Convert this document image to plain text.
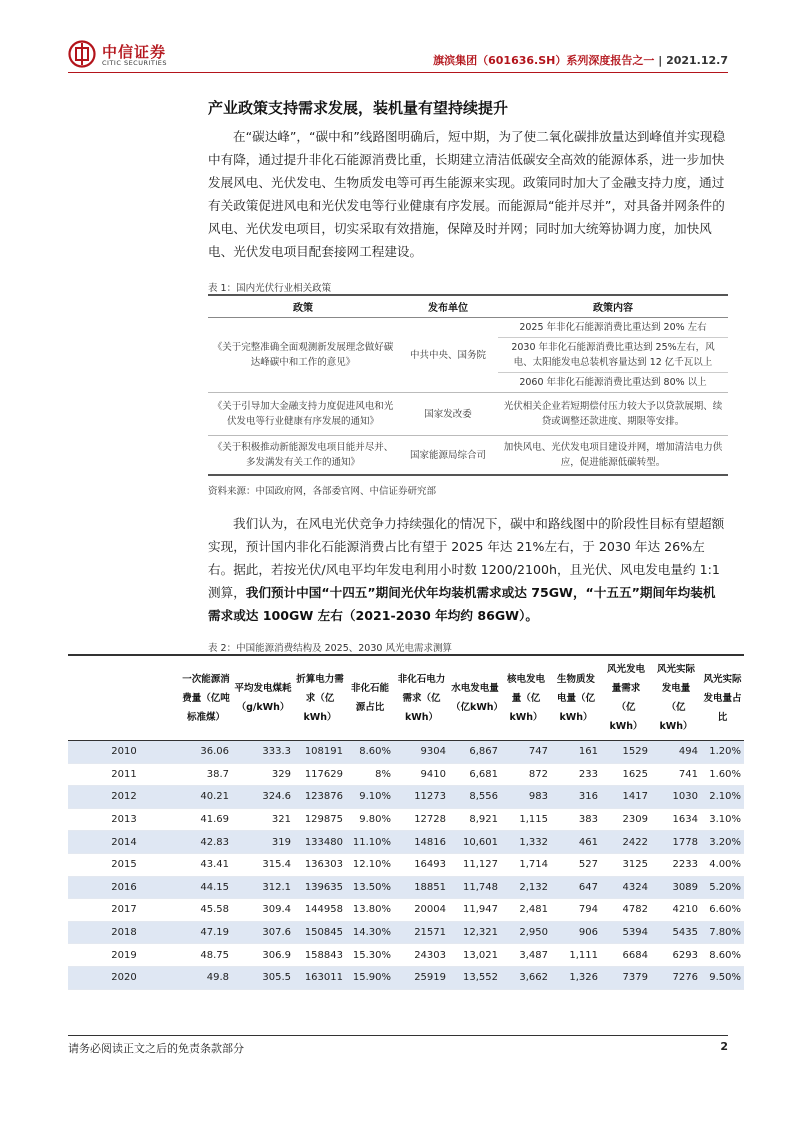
中信证券
CITIC SECURITIES	旗滨集团（601636.SH）系列深度报告之一 | 2021.12.7
产业政策支持需求发展，装机量有望持续提升

在“碳达峰”，“碳中和”线路图明确后，短中期，为了使二氧化碳排放量达到峰值并实现稳中有降，通过提升非化石能源消费比重，长期建立清洁低碳安全高效的能源体系，进一步加快发展风电、光伏发电、生物质发电等可再生能源来实现。政策同时加大了金融支持力度，通过有关政策促进风电和光伏发电等行业健康有序发展。而能源局“能并尽并”，对具备并网条件的风电、光伏发电项目，切实采取有效措施，保障及时并网；同时加大统筹协调力度，加快风电、光伏发电项目配套接网工程建设。

表 1：国内光伏行业相关政策
政策	发布单位	政策内容
《关于完整准确全面观测新发展理念做好碳达峰碳中和工作的意见》	中共中央、国务院	2025 年非化石能源消费比重达到 20% 左右
		2030 年非化石能源消费比重达到 25%左右，风电、太阳能发电总装机容量达到 12 亿千瓦以上
		2060 年非化石能源消费比重达到 80% 以上
《关于引导加大金融支持力度促进风电和光伏发电等行业健康有序发展的通知》	国家发改委	光伏相关企业若短期偿付压力较大予以贷款展期、续贷或调整还款进度、期限等安排。
《关于积极推动新能源发电项目能并尽并、多发满发有关工作的通知》	国家能源局综合司	加快风电、光伏发电项目建设并网，增加清洁电力供应，促进能源低碳转型。
资料来源：中国政府网，各部委官网、中信证券研究部

我们认为，在风电光伏竞争力持续强化的情况下，碳中和路线图中的阶段性目标有望超额实现，预计国内非化石能源消费占比有望于 2025 年达 21%左右，于 2030 年达 26%左右。据此，若按光伏/风电平均年发电利用小时数 1200/2100h，且光伏、风电发电量约 1:1 测算，我们预计中国“十四五”期间光伏年均装机需求或达 75GW，“十五五”期间年均装机需求或达 100GW 左右（2021-2030 年均约 86GW）。

表 2：中国能源消费结构及 2025、2030 风光电需求测算
	一次能源消费量（亿吨标准煤）	平均发电煤耗（g/kWh）	折算电力需求（亿kWh）	非化石能源占比	非化石电力需求（亿kWh）	水电发电量（亿kWh）	核电发电量（亿kWh）	生物质发电量（亿kWh）	风光发电量需求（亿kWh）	风光实际发电量（亿kWh）	风光实际发电量占比
2010	36.06	333.3	108191	8.60%	9304	6,867	747	161	1529	494	1.20%
2011	38.7	329	117629	8%	9410	6,681	872	233	1625	741	1.60%
2012	40.21	324.6	123876	9.10%	11273	8,556	983	316	1417	1030	2.10%
2013	41.69	321	129875	9.80%	12728	8,921	1,115	383	2309	1634	3.10%
2014	42.83	319	133480	11.10%	14816	10,601	1,332	461	2422	1778	3.20%
2015	43.41	315.4	136303	12.10%	16493	11,127	1,714	527	3125	2233	4.00%
2016	44.15	312.1	139635	13.50%	18851	11,748	2,132	647	4324	3089	5.20%
2017	45.58	309.4	144958	13.80%	20004	11,947	2,481	794	4782	4210	6.60%
2018	47.19	307.6	150845	14.30%	21571	12,321	2,950	906	5394	5435	7.80%
2019	48.75	306.9	158843	15.30%	24303	13,021	3,487	1,111	6684	6293	8.60%
2020	49.8	305.5	163011	15.90%	25919	13,552	3,662	1,326	7379	7276	9.50%
请务必阅读正文之后的免责条款部分	2
